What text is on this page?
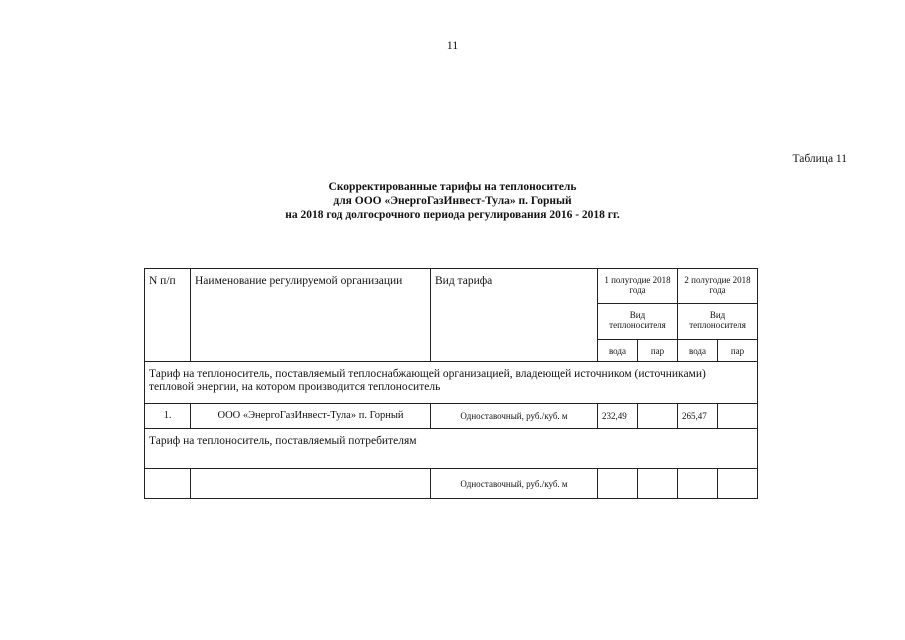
11
Таблица 11
Скорректированные тарифы на теплоноситель
для ООО «ЭнергоГазИнвест-Тула» п. Горный
на 2018 год долгосрочного периода регулирования 2016 - 2018 гг.
N п/п	Наименование регулируемой организации	Вид тарифа	1 полугодие 2018 года		2 полугодие 2018 года	
			Вид теплоносителя		Вид теплоносителя	
			вода	пар	вода	пар
Тариф на теплоноситель, поставляемый теплоснабжающей организацией, владеющей источником (источниками) тепловой энергии, на котором производится теплоноситель						
1.	ООО «ЭнергоГазИнвест-Тула» п. Горный	Одноставочный, руб./куб. м	232,49		265,47	
Тариф на теплоноситель, поставляемый потребителям						
		Одноставочный, руб./куб. м				
